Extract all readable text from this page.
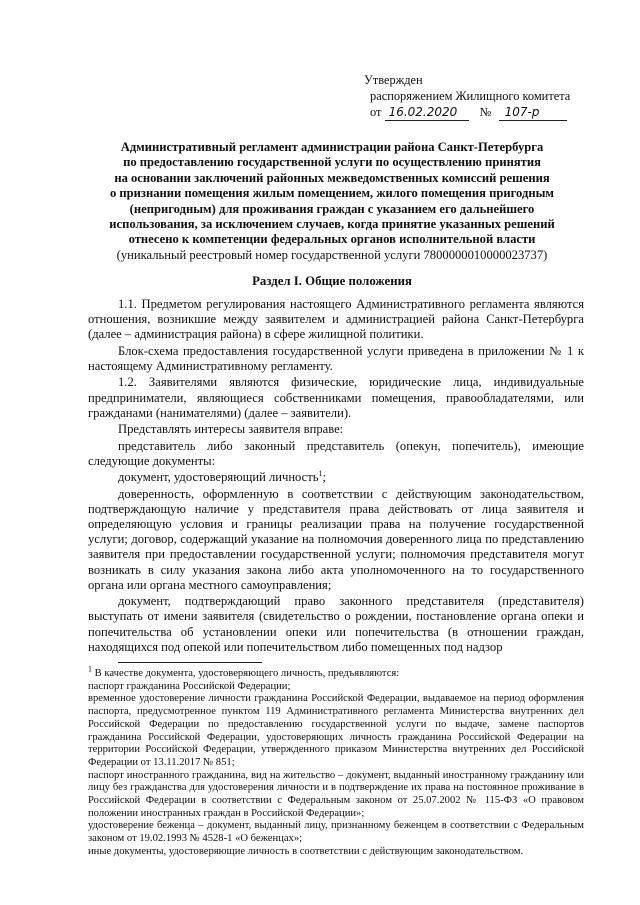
Утвержден
распоряжением Жилищного комитета
от 16.02.2020 № 107-р
Административный регламент администрации района Санкт-Петербурга
по предоставлению государственной услуги по осуществлению принятия
на основании заключений районных межведомственных комиссий решения
о признании помещения жилым помещением, жилого помещения пригодным
(непригодным) для проживания граждан с указанием его дальнейшего
использования, за исключением случаев, когда принятие указанных решений
отнесено к компетенции федеральных органов исполнительной власти
(уникальный реестровый номер государственной услуги 7800000010000023737)
Раздел I. Общие положения

1.1. Предметом регулирования настоящего Административного регламента являются отношения, возникшие между заявителем и администрацией района Санкт-Петербурга (далее – администрация района) в сфере жилищной политики.

Блок-схема предоставления государственной услуги приведена в приложении № 1 к настоящему Административному регламенту.

1.2. Заявителями являются физические, юридические лица, индивидуальные предприниматели, являющиеся собственниками помещения, правообладателями, или гражданами (нанимателями) (далее – заявители).

Представлять интересы заявителя вправе:

представитель либо законный представитель (опекун, попечитель), имеющие следующие документы:

документ, удостоверяющий личность$^1$;

доверенность, оформленную в соответствии с действующим законодательством, подтверждающую наличие у представителя права действовать от лица заявителя и определяющую условия и границы реализации права на получение государственной услуги; договор, содержащий указание на полномочия доверенного лица по представлению заявителя при предоставлении государственной услуги; полномочия представителя могут возникать в силу указания закона либо акта уполномоченного на то государственного органа или органа местного самоуправления;

документ, подтверждающий право законного представителя (представителя) выступать от имени заявителя (свидетельство о рождении, постановление органа опеки и попечительства об установлении опеки или попечительства (в отношении граждан, находящихся под опекой или попечительством либо помещенных под надзор

$^1$ В качестве документа, удостоверяющего личность, предъявляются:

паспорт гражданина Российской Федерации;

временное удостоверение личности гражданина Российской Федерации, выдаваемое на период оформления паспорта, предусмотренное пунктом 119 Административного регламента Министерства внутренних дел Российской Федерации по предоставлению государственной услуги по выдаче, замене паспортов гражданина Российской Федерации, удостоверяющих личность гражданина Российской Федерации на территории Российской Федерации, утвержденного приказом Министерства внутренних дел Российской Федерации от 13.11.2017 № 851;

паспорт иностранного гражданина, вид на жительство – документ, выданный иностранному гражданину или лицу без гражданства для удостоверения личности и в подтверждение их права на постоянное проживание в Российской Федерации в соответствии с Федеральным законом от 25.07.2002 № 115-ФЗ «О правовом положении иностранных граждан в Российской Федерации»;

удостоверение беженца – документ, выданный лицу, признанному беженцем в соответствии с Федеральным законом от 19.02.1993 № 4528-1 «О беженцах»;

иные документы, удостоверяющие личность в соответствии с действующим законодательством.
